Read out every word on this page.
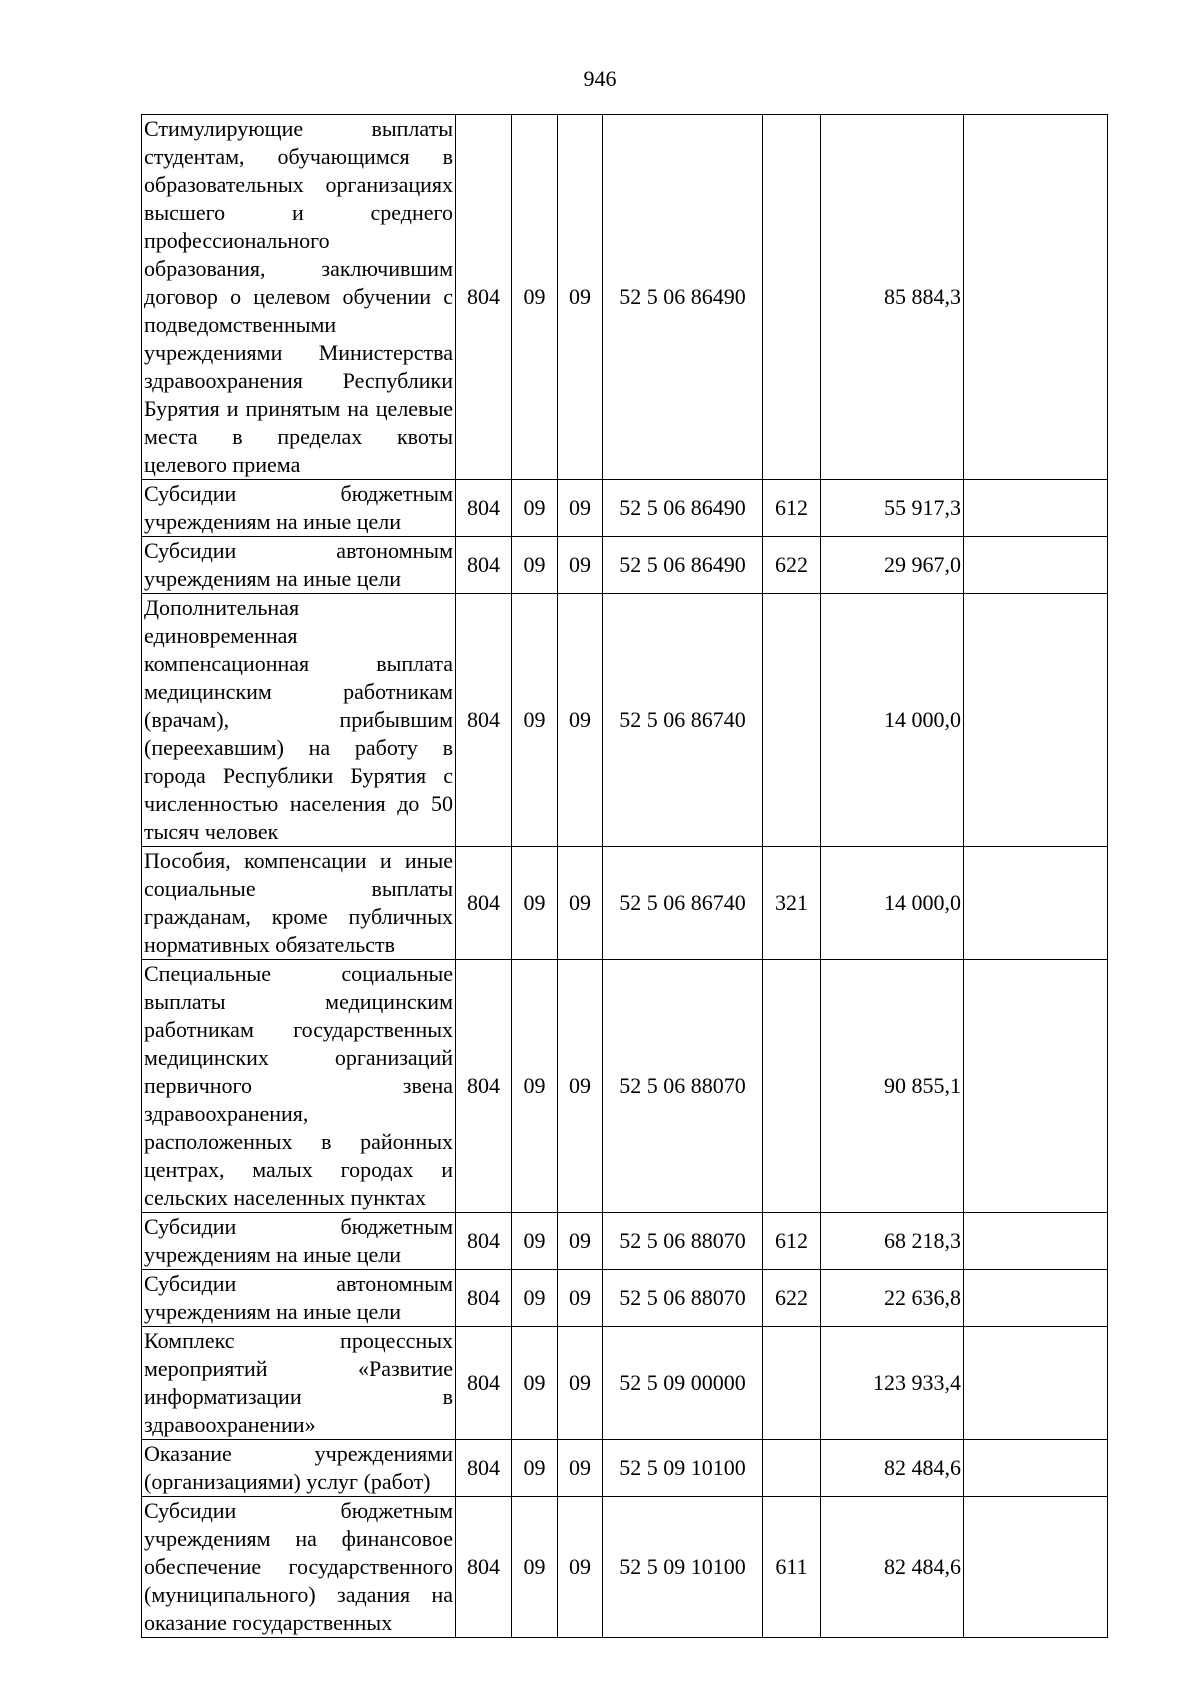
946
Стимулирующие выплаты студентам, обучающимся в образовательных организациях высшего и среднего профессионального образования, заключившим договор о целевом обучении с подведомственными учреждениями Министерства здравоохранения Республики Бурятия и принятым на целевые места в пределах квоты целевого приема	804	09	09	52 5 06 86490		85 884,3	
Субсидии бюджетным учреждениям на иные цели	804	09	09	52 5 06 86490	612	55 917,3	
Субсидии автономным учреждениям на иные цели	804	09	09	52 5 06 86490	622	29 967,0	
Дополнительная единовременная компенсационная выплата медицинским работникам (врачам), прибывшим (переехавшим) на работу в города Республики Бурятия с численностью населения до 50 тысяч человек	804	09	09	52 5 06 86740		14 000,0	
Пособия, компенсации и иные социальные выплаты гражданам, кроме публичных нормативных обязательств	804	09	09	52 5 06 86740	321	14 000,0	
Специальные социальные выплаты медицинским работникам государственных медицинских организаций первичного звена здравоохранения, расположенных в районных центрах, малых городах и сельских населенных пунктах	804	09	09	52 5 06 88070		90 855,1	
Субсидии бюджетным учреждениям на иные цели	804	09	09	52 5 06 88070	612	68 218,3	
Субсидии автономным учреждениям на иные цели	804	09	09	52 5 06 88070	622	22 636,8	
Комплекс процессных мероприятий «Развитие информатизации в здравоохранении»	804	09	09	52 5 09 00000		123 933,4	
Оказание учреждениями (организациями) услуг (работ)	804	09	09	52 5 09 10100		82 484,6	
Субсидии бюджетным учреждениям на финансовое обеспечение государственного (муниципального) задания на оказание государственных	804	09	09	52 5 09 10100	611	82 484,6	
